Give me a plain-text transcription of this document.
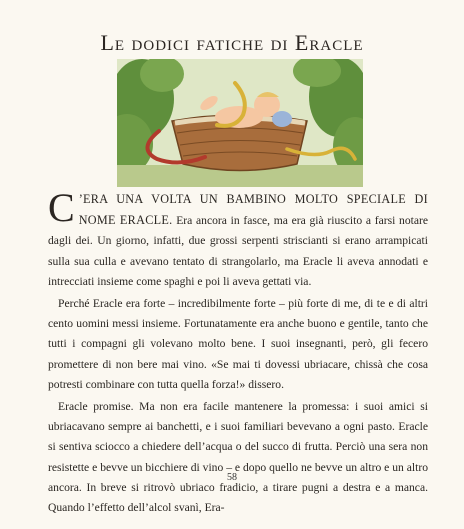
Le dodici fatiche di Eracle

C ’ERA UNA VOLTA UN BAMBINO MOLTO SPECIALE DI NOME ERACLE. Era ancora in fasce, ma era già riuscito a farsi notare dagli dei. Un giorno, infatti, due grossi serpenti striscianti si erano arrampicati sulla sua culla e avevano tentato di strangolarlo, ma Eracle li aveva annodati e intrecciati insieme come spaghi e poi li aveva gettati via.

Perché Eracle era forte – incredibilmente forte – più forte di me, di te e di altri cento uomini messi insieme. Fortunatamente era anche buono e gentile, tanto che tutti i compagni gli volevano molto bene. I suoi insegnanti, però, gli fecero promettere di non bere mai vino. «Se mai ti dovessi ubriacare, chissà che cosa potresti combinare con tutta quella forza!» dissero.

Eracle promise. Ma non era facile mantenere la promessa: i suoi amici si ubriacavano sempre ai banchetti, e i suoi familiari bevevano a ogni pasto. Eracle si sentiva sciocco a chiedere dell’acqua o del succo di frutta. Perciò una sera non resistette e bevve un bicchiere di vino – e dopo quello ne bevve un altro e un altro ancora. In breve si ritrovò ubriaco fradicio, a tirare pugni a destra e a manca. Quando l’effetto dell’alcol svanì, Era-

58
